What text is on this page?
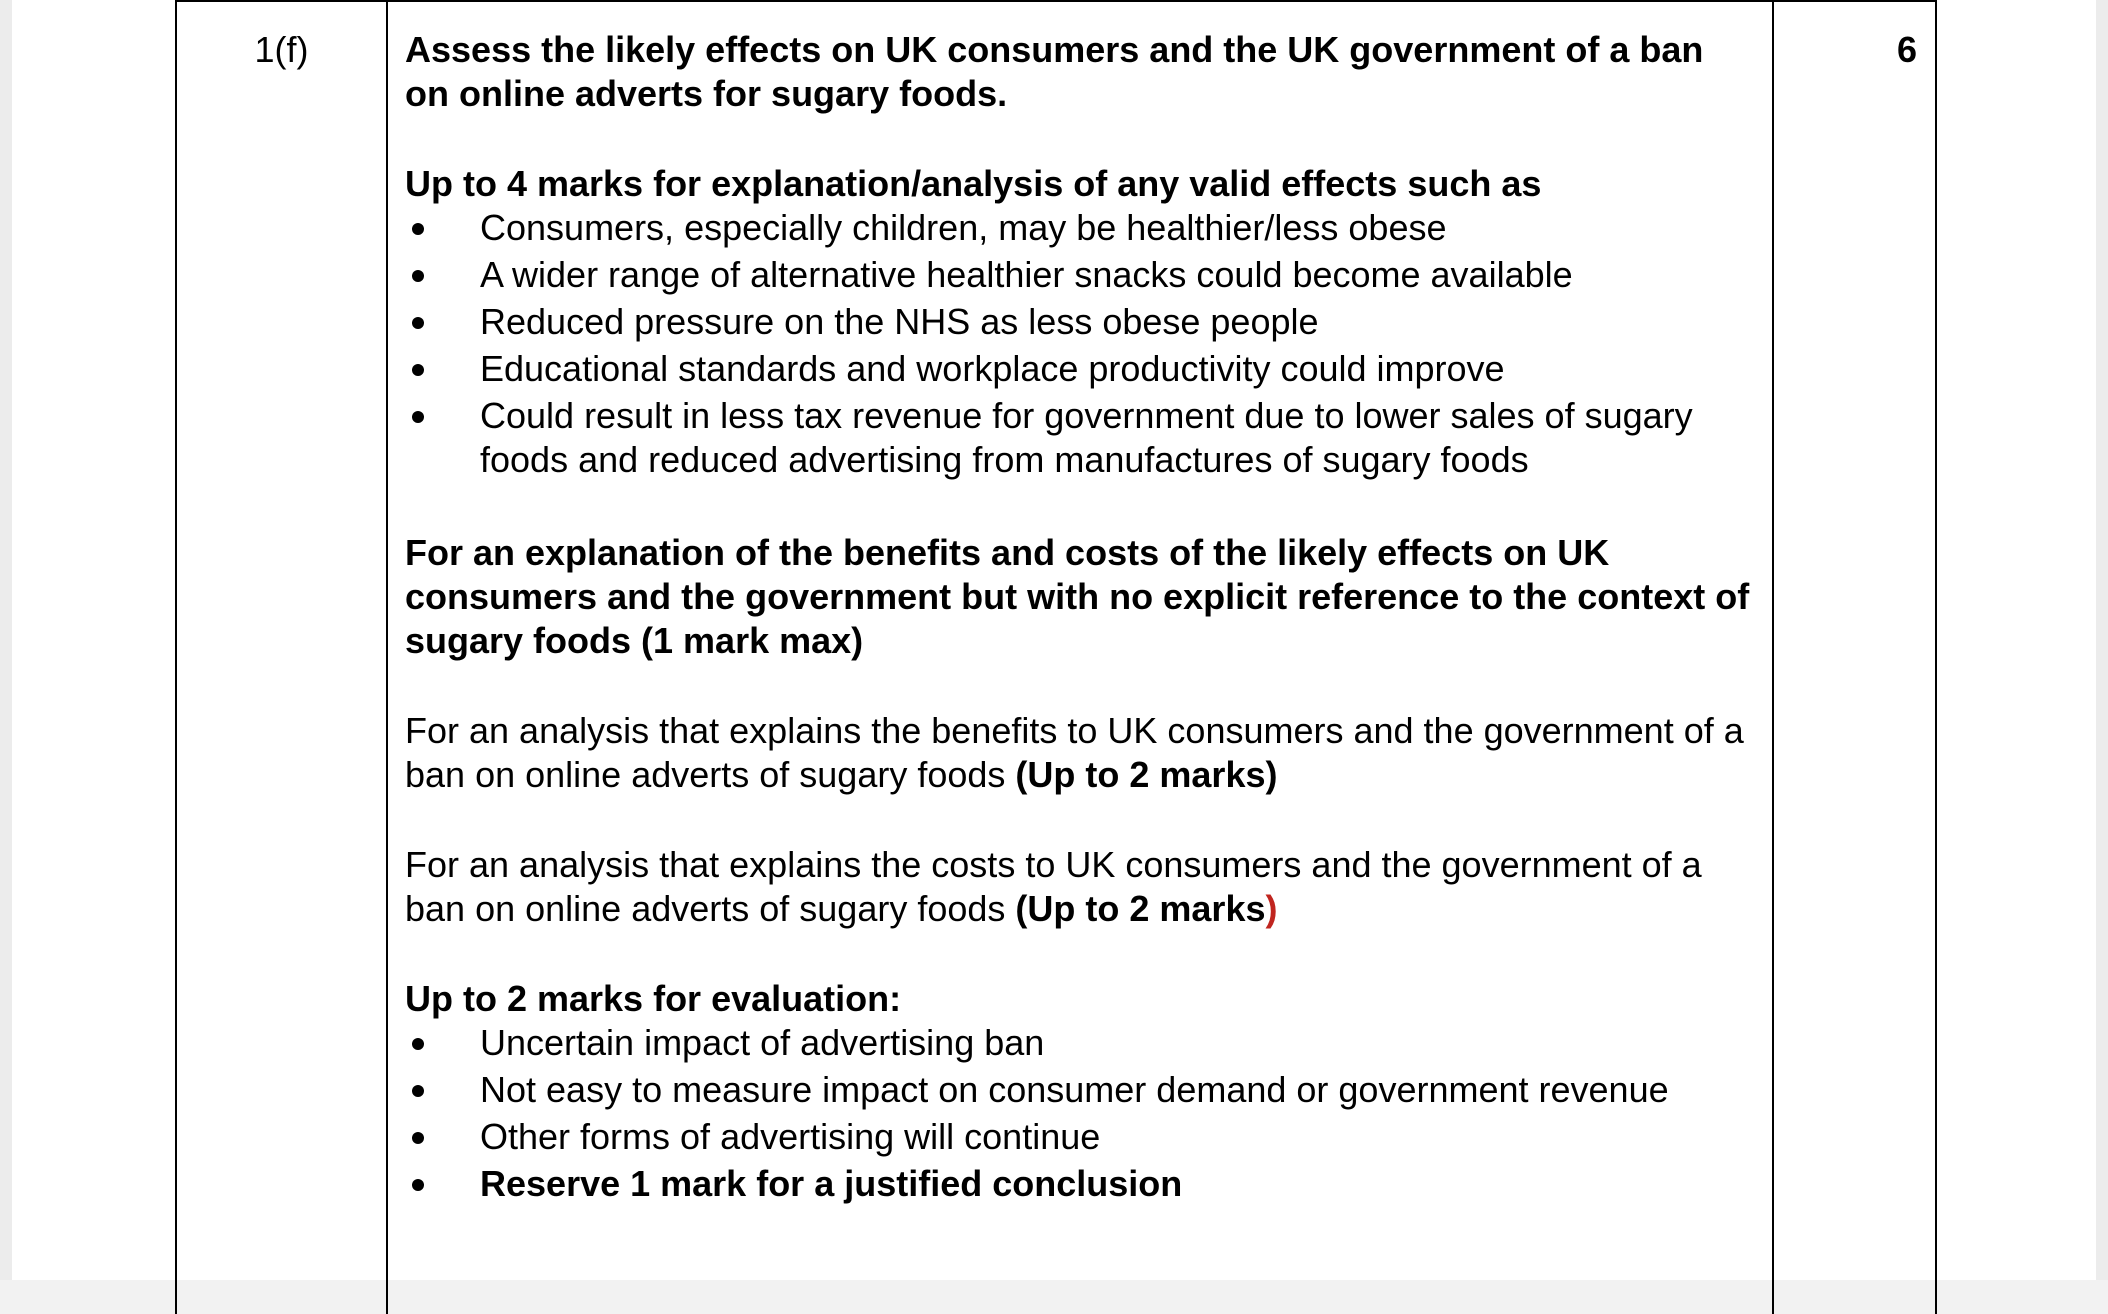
1(f)	Assess the likely effects on UK consumers and the UK government of a ban on online adverts for sugary foods.

Up to 4 marks for explanation/analysis of any valid effects such as

Consumers, especially children, may be healthier/less obese
A wider range of alternative healthier snacks could become available
Reduced pressure on the NHS as less obese people
Educational standards and workplace productivity could improve
Could result in less tax revenue for government due to lower sales of sugary foods and reduced advertising from manufactures of sugary foods

For an explanation of the benefits and costs of the likely effects on UK consumers and the government but with no explicit reference to the context of sugary foods (1 mark max)

For an analysis that explains the benefits to UK consumers and the government of a ban on online adverts of sugary foods (Up to 2 marks)

For an analysis that explains the costs to UK consumers and the government of a ban on online adverts of sugary foods (Up to 2 marks)

Up to 2 marks for evaluation:

Uncertain impact of advertising ban
Not easy to measure impact on consumer demand or government revenue
Other forms of advertising will continue
Reserve 1 mark for a justified conclusion
	6
